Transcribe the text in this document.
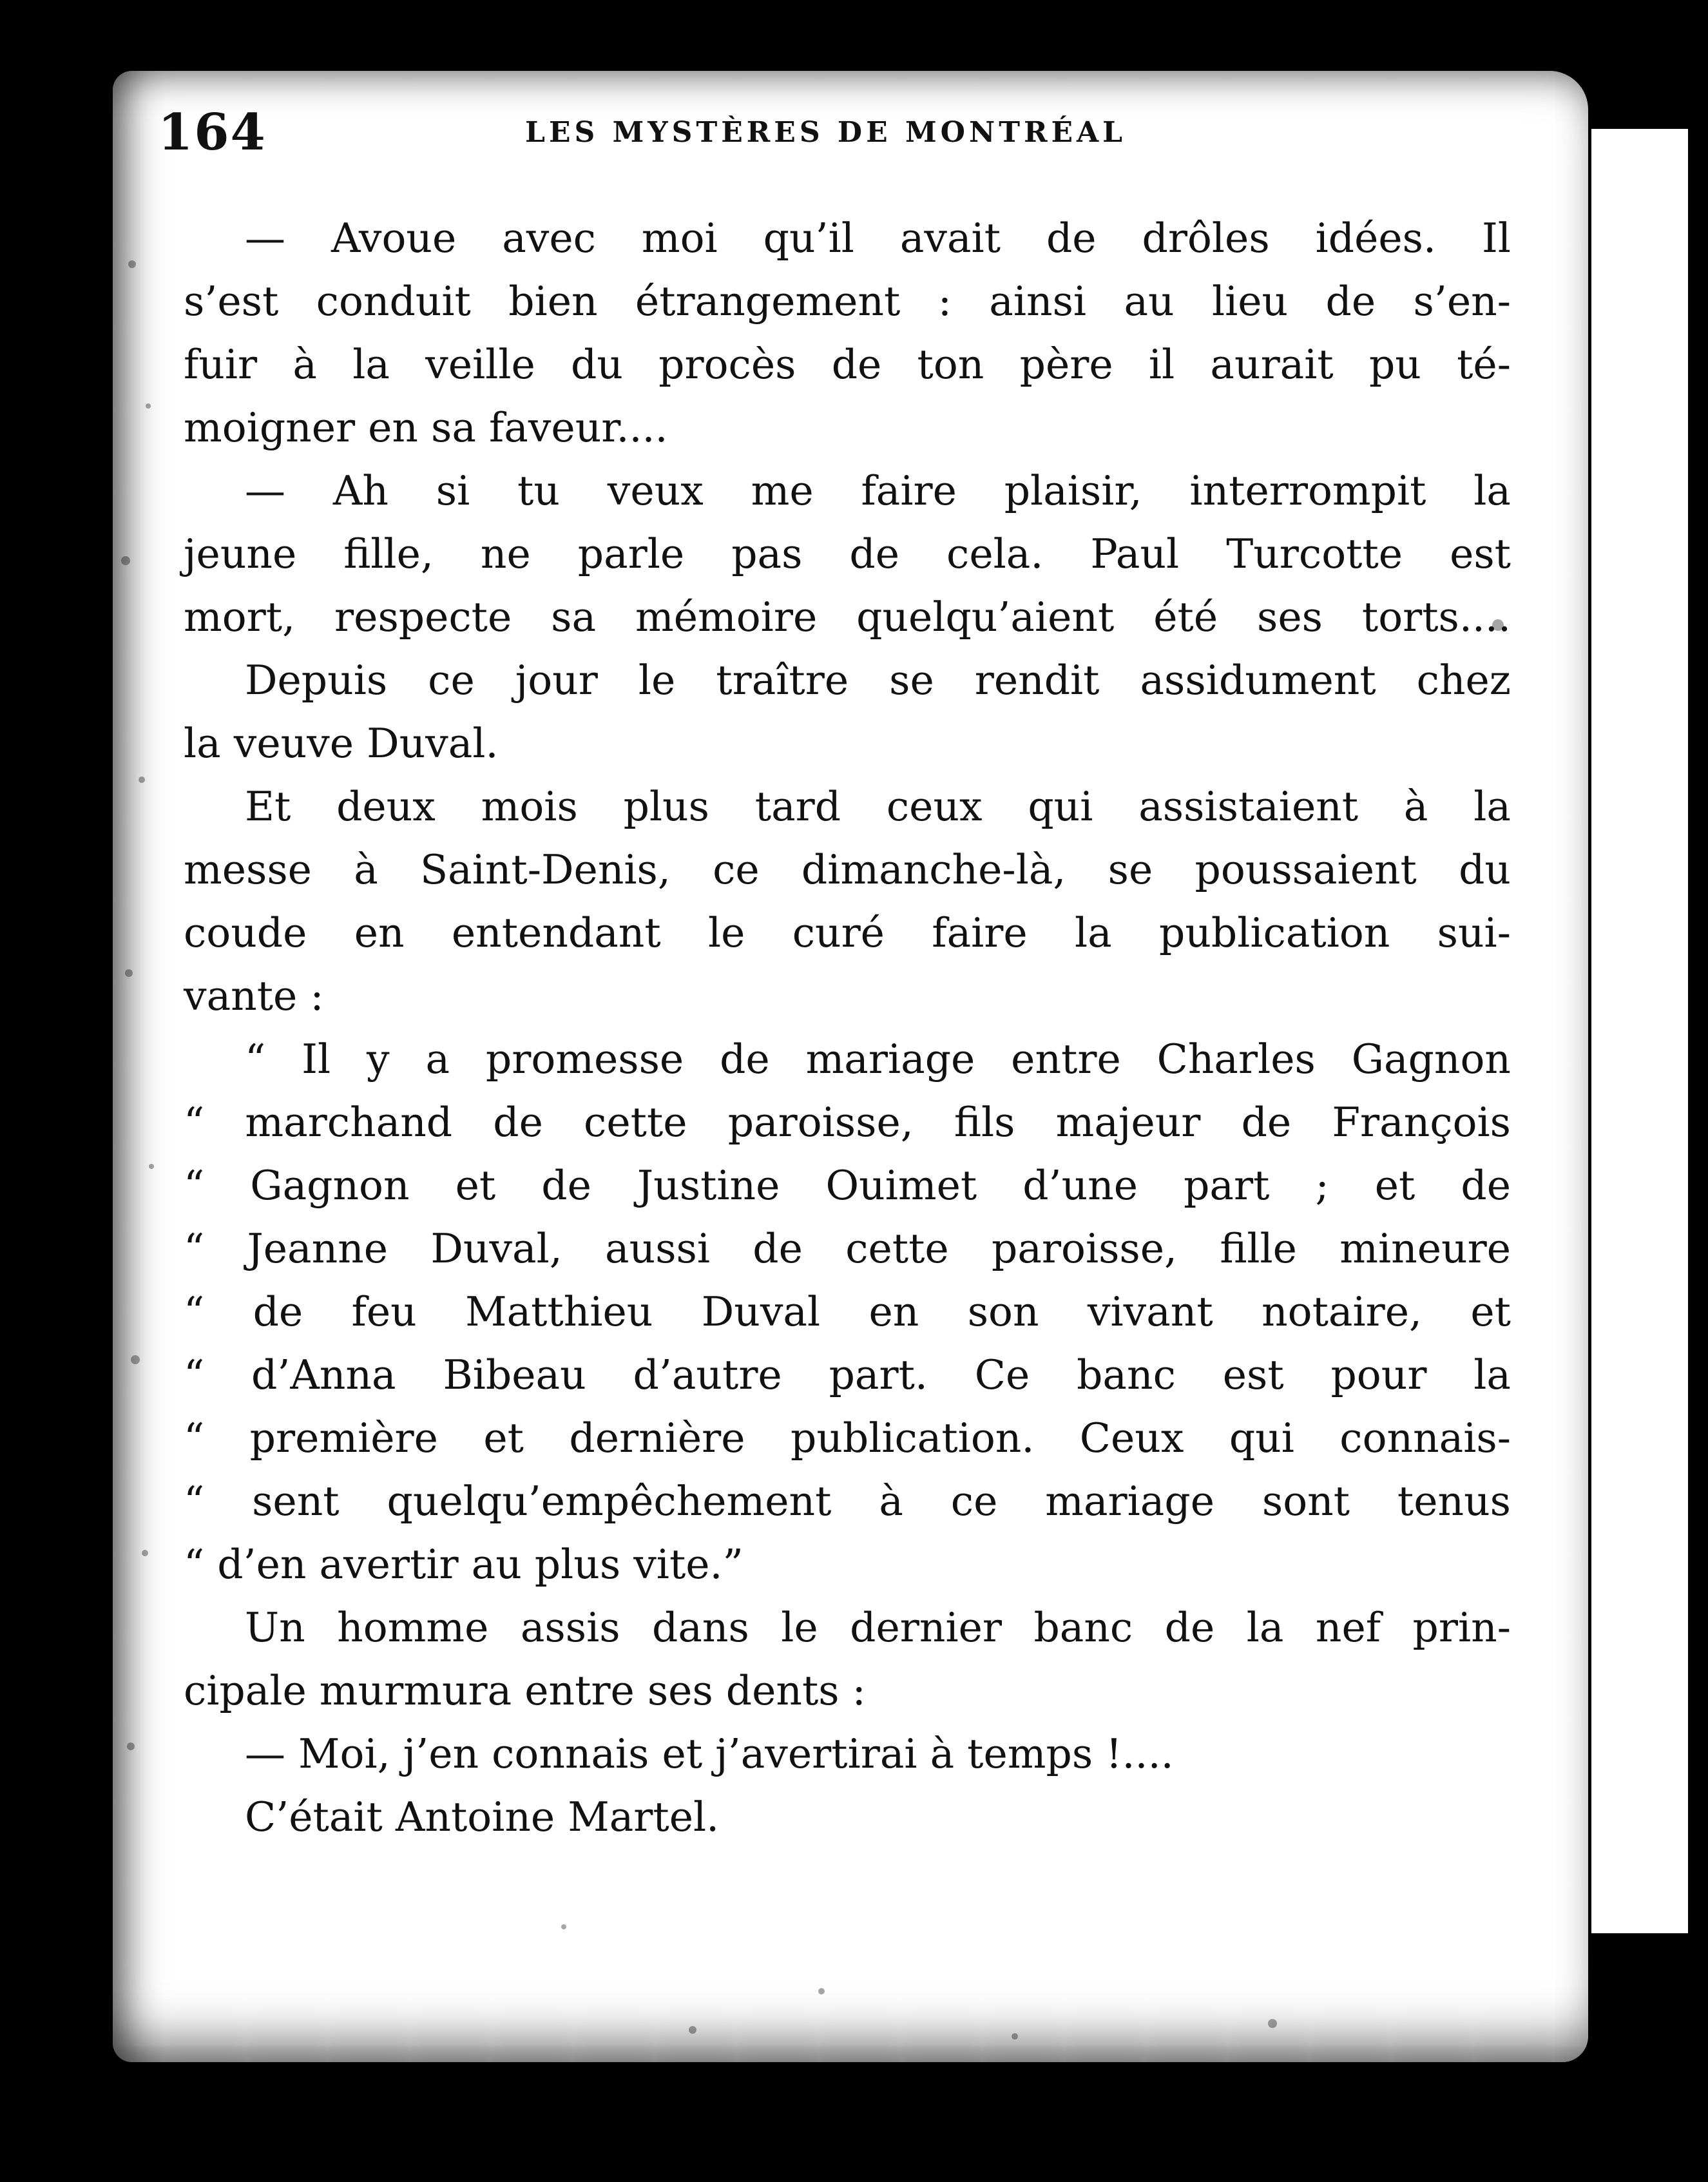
164	LES MYSTÈRES DE MONTRÉAL
— Avoue avec moi qu’il avait de drôles idées. Il
s’est conduit bien étrangement : ainsi au lieu de s’en-
fuir à la veille du procès de ton père il aurait pu té-
moigner en sa faveur....
— Ah si tu veux me faire plaisir, interrompit la
jeune fille, ne parle pas de cela. Paul Turcotte est
mort, respecte sa mémoire quelqu’aient été ses torts....
Depuis ce jour le traître se rendit assidument chez
la veuve Duval.
Et deux mois plus tard ceux qui assistaient à la
messe à Saint-Denis, ce dimanche-là, se poussaient du
coude en entendant le curé faire la publication sui-
vante :
“ Il y a promesse de mariage entre Charles Gagnon
“ marchand de cette paroisse, fils majeur de François
“ Gagnon et de Justine Ouimet d’une part ; et de
“ Jeanne Duval, aussi de cette paroisse, fille mineure
“ de feu Matthieu Duval en son vivant notaire, et
“ d’Anna Bibeau d’autre part. Ce banc est pour la
“ première et dernière publication. Ceux qui connais-
“ sent quelqu’empêchement à ce mariage sont tenus
“ d’en avertir au plus vite.”
Un homme assis dans le dernier banc de la nef prin-
cipale murmura entre ses dents :
— Moi, j’en connais et j’avertirai à temps !....
C’était Antoine Martel.
